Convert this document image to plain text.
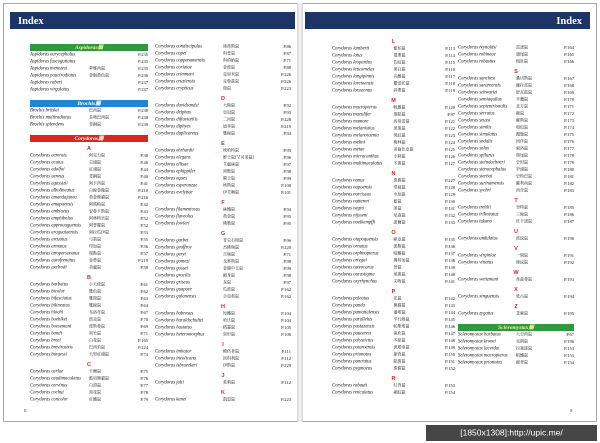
Index	Index
Aspidoras屬
Aspidoras eurycephalus	P.235
Aspidoras fuscoguttatus	P.235
Aspidoras menezesi	夢娜西鼠	P.235
Aspidoras pauciradiatus	金眼黃色鼠	P.236
Aspidoras raberi	P.237
Aspidoras virgulatus	P.237
Brochis屬
Brochis britskii	巴西鼠	P.238
Brochis multiradiatus	長吻巴西鼠	P.238
Brochis splendens	青銅鼠	P.239
Corydoras屬
A
Corydoras acrensis	阿克力鼠	P.38
Corydoras acutus	尖頭鼠	P.46
Corydoras adolfoi	紅頭鼠	P.44
Corydoras aeneus	青銅鼠	P.40
Corydoras agassizii	阿卡西鼠	P.41
Corydoras albolineatus	白線金龍鼠	P.218
Corydoras amandajanea	黃金熊貓鼠	P.216
Corydoras amapaensis	阿瑪帕鼠	P.42
Corydoras ambiacus	安曼卡斯鼠	P.43
Corydoras amphibelus	阿林特貝鼠	P.52
Corydoras approuaguensis 阿普羅鼠	P.52
Corydoras araguaiaensis	阿拉瓜伊鼠	P.53
Corydoras arcuatus	弓箭鼠	P.55
Corydoras armatus	印加鼠	P.56
Corydoras atropersonatus	斑點鼠	P.57
Corydoras aurofrenatus	金鼻鼠	P.219
Corydoras axelrodi	美麗鼠	P.58
B
Corydoras barbatus	小天使鼠	P.61
Corydoras bicolor	雙色鼠	P.62
Corydoras bifasciatus	雙斑鼠	P.63
Corydoras bilineatus	雙線鼠	P.64
Corydoras blochi	布洛奇鼠	P.67
Corydoras boehlkei	波克鼠	P.70
Corydoras boesemani	波斯曼鼠	P.69
Corydoras bondi	黑竹鼠	P.71
Corydoras breei	白花鼠	P.165
Corydoras brevirostris	巴西豹鼠	P.224
Corydoras burgessi	大型紅頭鼠	P.74
C
Corydoras carlae	卡爾鼠	P.75
Corydoras caudimaculatus	藍肩熊貓鼠	P.76
Corydoras cervinus	白頂鼠	P.77
Corydoras cochui	黑花鼠	P.78
Corydoras concolor	紅鰭鼠	P.79
Corydoras condiscipulus	康蒂斯鼠	P.86
Corydoras copei	科普鼠	P.87
Corydoras coppenamensis	科伯納鼠	P.71
Corydoras coriatae	金波鼠	P.88
Corydoras crimmeni	克里米鼠	P.226
Corydoras cruziensis	克魯茲鼠	P.226
Corydoras crypticus	斑鼠	P.223
D
Corydoras davidsandsi	大衛鼠	P.92
Corydoras delphax	皇冠鼠	P.93
Corydoras difluviatilis	二河鼠	P.228
Corydoras diphyes	迪菲鼠	P.219
Corydoras duplicareus	雙線鼠	P.94
E
Corydoras ehrhardti	埃哈特鼠	P.95
Corydoras elegans	鮮士鼠(艾司弟鼠)	P.96
Corydoras ellisae	艾麗絲鼠	P.97
Corydoras ephippifer	黑鞍鼠	P.98
Corydoras eques	騎士鼠	P.99
Corydoras esperanzae	埃斯鼠	P.100
Corydoras evelynae	伊芙琳鼠	P.101
F
Corydoras filamentosus	絲鰭鼠	P.94
Corydoras flaveolus	黃金鼠	P.95
Corydoras fowleri	佛勒鼠	P.95
G
Corydoras garbei	青尖石斑鼠	P.96
Corydoras geoffroy	杰佛瑞鼠	P.220
Corydoras geryi	吉瑞鼠	P.71
Corydoras gomezi	戈麥斯鼠	P.98
Corydoras gossei	金邊中玉鼠	P.99
Corydoras gracilis	細身鼠	P.98
Corydoras griseus	灰鼠	P.97
Corydoras guapore	瓜波鼠	P.162
Corydoras guianensis	圭亞那鼠	P.162
H
Corydoras habrosus	短鰭鼠	P.104
Corydoras haraldschultzi	哈氏鼠	P.104
Corydoras hastatus	精靈鼠	P.105
Corydoras heteromorphus	異形鼠	P.106
I
Corydoras imitator	模仿者鼠	P.111
Corydoras incolicana	因科利鼠	P.112
Corydoras isbrueckeri	伊斯鼠	P.229
J
Corydoras julii	茱莉鼠	P.112
K
Corydoras kanei	凱恩鼠	P.223
L
Corydoras lamberti	藍柏鼠	P.113
Corydoras latus	寬帶鼠	P.114
Corydoras leopardus	豹紋鼠	P.115
Corydoras leucomelas	黑白鼠	P.116
Corydoras longipinnis	長鰭鼠	P.117
Corydoras loretoensis	羅雷托鼠	P.118
Corydoras loxozonus	斜帶鼠	P.119
M
Corydoras macropterus	帆鰭鼠	P.120
Corydoras maculifer	斑點鼠	P.97
Corydoras mamore	馬莫雷鼠	P.121
Corydoras melanistius	黑斑鼠	P.122
Corydoras melanotaenia	黑紋鼠	P.123
Corydoras melini	梅林鼠	P.124
Corydoras metae	哥倫比亞鼠	P.125
Corydoras micracanthus	小刺鼠	P.126
Corydoras multimaculatus	多斑鼠	P.127
N
Corydoras nanus	侏儒鼠	P.227
Corydoras napoensis	拿破鼠	P.128
Corydoras narcissus	水仙鼠	P.129
Corydoras nattereri	藍鼠	P.130
Corydoras negro	黑鼠	P.131
Corydoras nijsseni	尼森鼠	P.132
Corydoras noelkempffi	諾爾鼠	P.133
O
Corydoras oiapoquensis	歐亞鼠	P.135
Corydoras ornatus	裝飾鼠	P.136
Corydoras orphnopterus	暗鰭鼠	P.137
Corydoras ortegai	奧特加鼠	P.138
Corydoras osteocarus	骨鼠	P.139
Corydoras ourastigma	尾斑鼠	P.140
Corydoras oxyrhynchus	尖吻鼠	P.141
P
Corydoras paleatus	花鼠	P.142
Corydoras panda	熊貓鼠	P.143
Corydoras pantanalensis	潘塔鼠	P.144
Corydoras parallelus	平行線鼠	P.145
Corydoras pastazensis	帕斯塔鼠	P.146
Corydoras paucerna	保坎鼠	P.147
Corydoras polystictus	多點鼠	P.148
Corydoras potaroensis	波塔洛鼠	P.149
Corydoras prionotos	鋸背鼠	P.150
Corydoras punctatus	點斑鼠	P.151
Corydoras pygmaeus	侏儒鼠	P.152
R
Corydoras rabauti	紅背鼠	P.153
Corydoras reticulatus	網紋鼠	P.154
Corydoras reynoldsi	雷諾鼠	P.164
Corydoras robineae	旗尾鼠	P.165
Corydoras robustus	粗壯鼠	P.166
S
Corydoras sanchesi	桑切斯鼠	P.167
Corydoras sarareensis	薩拉雷鼠	P.168
Corydoras schwartzi	舒瓦茲鼠	P.169
Corydoras semiaquilus	半鷹鼠	P.170
Corydoras septentrionalis	北方鼠	P.171
Corydoras serratus	鋸鼠	P.172
Corydoras seussi	蘇斯鼠	P.173
Corydoras similis	相似鼠	P.174
Corydoras simulatus	擬態鼠	P.175
Corydoras sodalis	同伴鼠	P.176
Corydoras solox	索洛鼠	P.177
Corydoras spilurus	斑尾鼠	P.178
Corydoras steindachneri	史坦鼠	P.179
Corydoras stenocephalus	窄頭鼠	P.180
Corydoras sterbai	史特巴鼠	P.181
Corydoras surinamensis	蘇利南鼠	P.182
Corydoras sychri	西奇鼠	P.183
T
Corydoras treitlii	翠特鼠	P.185
Corydoras trilineatus	三線鼠	P.186
Corydoras tukano	杜卡諾鼠	P.187
U
Corydoras undulatus	波紋鼠	P.190
V
Corydoras virginiae	一間鼠	P.191
Corydoras vittatus	條紋鼠	P.192
W
Corydoras weitzmani	韋茲曼鼠	P.193
X
Corydoras xinguensis	欣古鼠	P.194
Z
Corydoras zygatus	芝麻鼠	P.195
Scleromystax屬
Scleromystax barbatus	大空荷鼠	P.67
Scleromystax kronei	克朗鼠	P.196
Scleromystax lacerdai	拉塞達鼠	P.153
Scleromystax macropterus	帆鰭鼠	P.153
Scleromystax prionotos	鋸背鼠	P.154
8	9
[1850x1308]:http://upic.me/
